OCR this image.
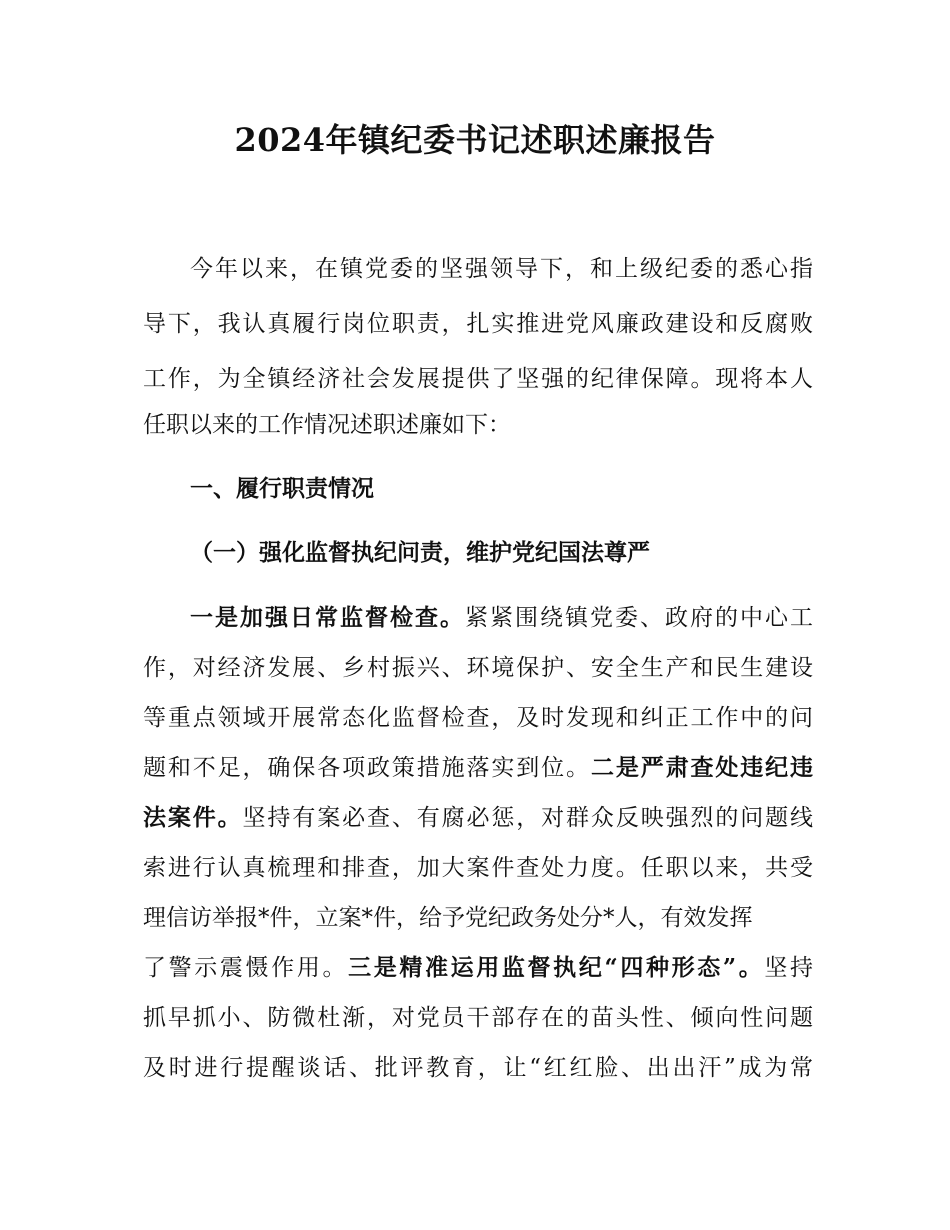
2024年镇纪委书记述职述廉报告
今年以来，在镇党委的坚强领导下，和上级纪委的悉心指
导下，我认真履行岗位职责，扎实推进党风廉政建设和反腐败
工作，为全镇经济社会发展提供了坚强的纪律保障。现将本人
任职以来的工作情况述职述廉如下：
一、履行职责情况
（一）强化监督执纪问责，维护党纪国法尊严
一是加强日常监督检查。紧紧围绕镇党委、政府的中心工
作，对经济发展、乡村振兴、环境保护、安全生产和民生建设
等重点领域开展常态化监督检查，及时发现和纠正工作中的问
题和不足，确保各项政策措施落实到位。二是严肃查处违纪违
法案件。坚持有案必查、有腐必惩，对群众反映强烈的问题线
索进行认真梳理和排查，加大案件查处力度。任职以来，共受
理信访举报*件，立案*件，给予党纪政务处分*人，有效发挥
了警示震慑作用。三是精准运用监督执纪“四种形态”。坚持
抓早抓小、防微杜渐，对党员干部存在的苗头性、倾向性问题
及时进行提醒谈话、批评教育，让“红红脸、出出汗”成为常
